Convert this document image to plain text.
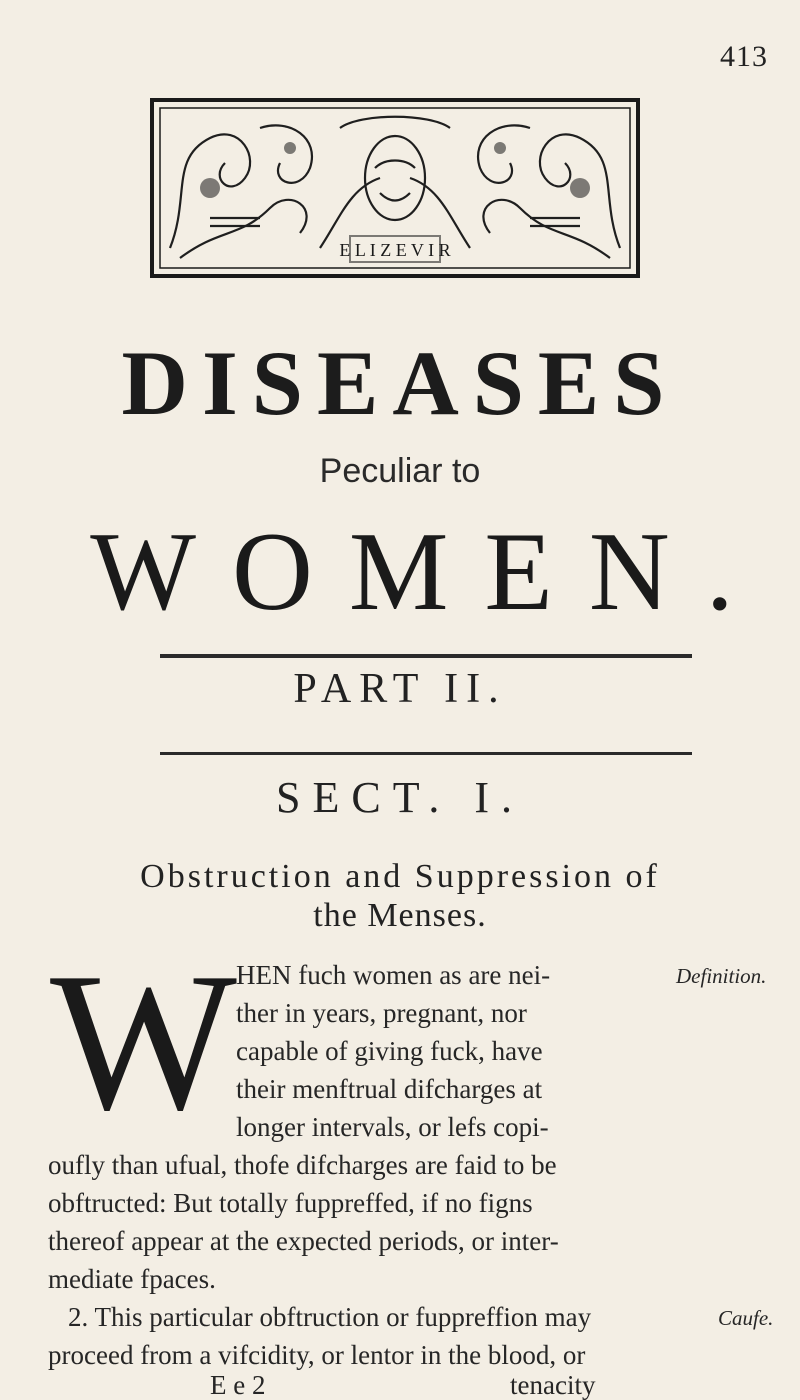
413
E L I Z E V I R
DISEASES
Peculiar to
WOMEN.
PART II.
SECT. I.
Obstruction and Suppression of
the Menses.
W HEN fuch women as are nei-
ther in years, pregnant, nor
capable of giving fuck, have
their menftrual difcharges at
longer intervals, or lefs copi-
oufly than ufual, thofe difcharges are faid to be
obftructed: But totally fuppreffed, if no figns
thereof appear at the expected periods, or inter-
mediate fpaces.
2. This particular obftruction or fuppreffion may
proceed from a vifcidity, or lentor in the blood, or
Definition.
Caufe.
E e 2	tenacity
